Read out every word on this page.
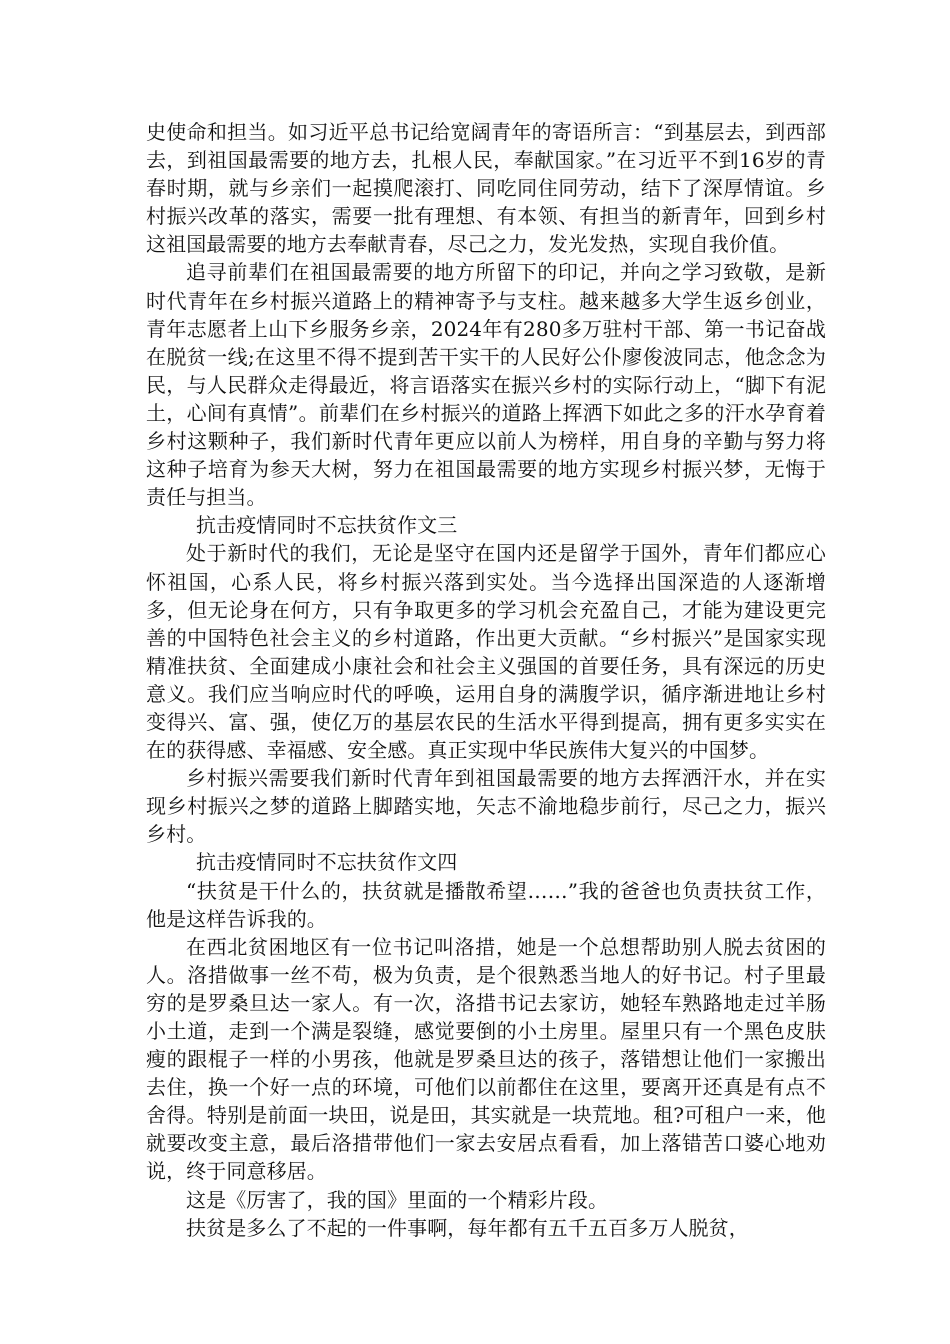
史使命和担当。如习近平总书记给宽阔青年的寄语所言：“到基层去，到西部去，到祖国最需要的地方去，扎根人民，奉献国家。”在习近平不到16岁的青春时期，就与乡亲们一起摸爬滚打、同吃同住同劳动，结下了深厚情谊。乡村振兴改革的落实，需要一批有理想、有本领、有担当的新青年，回到乡村这祖国最需要的地方去奉献青春，尽己之力，发光发热，实现自我价值。

追寻前辈们在祖国最需要的地方所留下的印记，并向之学习致敬，是新时代青年在乡村振兴道路上的精神寄予与支柱。越来越多大学生返乡创业，青年志愿者上山下乡服务乡亲，2024年有280多万驻村干部、第一书记奋战在脱贫一线;在这里不得不提到苦干实干的人民好公仆廖俊波同志，他念念为民，与人民群众走得最近，将言语落实在振兴乡村的实际行动上，“脚下有泥土，心间有真情”。前辈们在乡村振兴的道路上挥洒下如此之多的汗水孕育着乡村这颗种子，我们新时代青年更应以前人为榜样，用自身的辛勤与努力将这种子培育为参天大树，努力在祖国最需要的地方实现乡村振兴梦，无悔于责任与担当。

抗击疫情同时不忘扶贫作文三

处于新时代的我们，无论是坚守在国内还是留学于国外，青年们都应心怀祖国，心系人民，将乡村振兴落到实处。当今选择出国深造的人逐渐增多，但无论身在何方，只有争取更多的学习机会充盈自己，才能为建设更完善的中国特色社会主义的乡村道路，作出更大贡献。“乡村振兴”是国家实现精准扶贫、全面建成小康社会和社会主义强国的首要任务，具有深远的历史意义。我们应当响应时代的呼唤，运用自身的满腹学识，循序渐进地让乡村变得兴、富、强，使亿万的基层农民的生活水平得到提高，拥有更多实实在在的获得感、幸福感、安全感。真正实现中华民族伟大复兴的中国梦。

乡村振兴需要我们新时代青年到祖国最需要的地方去挥洒汗水，并在实现乡村振兴之梦的道路上脚踏实地，矢志不渝地稳步前行，尽己之力，振兴乡村。

抗击疫情同时不忘扶贫作文四

“扶贫是干什么的，扶贫就是播散希望……”我的爸爸也负责扶贫工作，他是这样告诉我的。

在西北贫困地区有一位书记叫洛措，她是一个总想帮助别人脱去贫困的人。洛措做事一丝不苟，极为负责，是个很熟悉当地人的好书记。村子里最穷的是罗桑旦达一家人。有一次，洛措书记去家访，她轻车熟路地走过羊肠小土道，走到一个满是裂缝，感觉要倒的小土房里。屋里只有一个黑色皮肤瘦的跟棍子一样的小男孩，他就是罗桑旦达的孩子，落错想让他们一家搬出去住，换一个好一点的环境，可他们以前都住在这里，要离开还真是有点不舍得。特别是前面一块田，说是田，其实就是一块荒地。租?可租户一来，他就要改变主意，最后洛措带他们一家去安居点看看，加上落错苦口婆心地劝说，终于同意移居。

这是《厉害了，我的国》里面的一个精彩片段。

扶贫是多么了不起的一件事啊，每年都有五千五百多万人脱贫，
